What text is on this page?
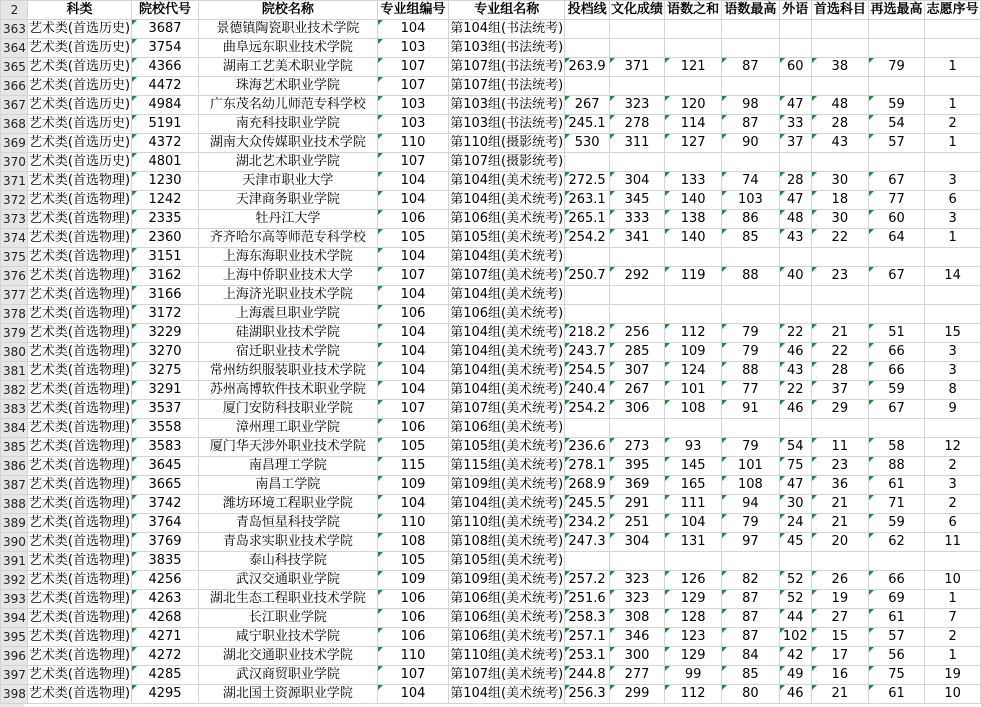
2	科类	院校代号	院校名称	专业组编号	专业组名称	投档线	文化成绩	语数之和	语数最高	外语	首选科目	再选最高	志愿序号
363	艺术类(首选历史)	3687	景德镇陶瓷职业技术学院	104	第104组(书法统考)								
364	艺术类(首选历史)	3754	曲阜远东职业技术学院	103	第103组(书法统考)								
365	艺术类(首选历史)	4366	湖南工艺美术职业学院	107	第107组(书法统考)	263.9	371	121	87	60	38	79	1
366	艺术类(首选历史)	4472	珠海艺术职业学院	107	第107组(书法统考)								
367	艺术类(首选历史)	4984	广东茂名幼儿师范专科学校	103	第103组(书法统考)	267	323	120	98	47	48	59	1
368	艺术类(首选历史)	5191	南充科技职业学院	103	第103组(书法统考)	245.1	278	114	87	33	28	54	2
369	艺术类(首选历史)	4372	湖南大众传媒职业技术学院	110	第110组(摄影统考)	530	311	127	90	37	43	57	1
370	艺术类(首选历史)	4801	湖北艺术职业学院	107	第107组(摄影统考)								
371	艺术类(首选物理)	1230	天津市职业大学	104	第104组(美术统考)	272.5	304	133	74	28	30	67	3
372	艺术类(首选物理)	1242	天津商务职业学院	104	第104组(美术统考)	263.1	345	140	103	47	18	77	6
373	艺术类(首选物理)	2335	牡丹江大学	106	第106组(美术统考)	265.1	333	138	86	48	30	60	3
374	艺术类(首选物理)	2360	齐齐哈尔高等师范专科学校	105	第105组(美术统考)	254.2	341	140	85	43	22	64	1
375	艺术类(首选物理)	3151	上海东海职业技术学院	104	第104组(美术统考)								
376	艺术类(首选物理)	3162	上海中侨职业技术大学	107	第107组(美术统考)	250.7	292	119	88	40	23	67	14
377	艺术类(首选物理)	3166	上海济光职业技术学院	104	第104组(美术统考)								
378	艺术类(首选物理)	3172	上海震旦职业学院	106	第106组(美术统考)								
379	艺术类(首选物理)	3229	硅湖职业技术学院	104	第104组(美术统考)	218.2	256	112	79	22	21	51	15
380	艺术类(首选物理)	3270	宿迁职业技术学院	104	第104组(美术统考)	243.7	285	109	79	46	22	66	3
381	艺术类(首选物理)	3275	常州纺织服装职业技术学院	104	第104组(美术统考)	254.5	307	124	88	43	28	66	3
382	艺术类(首选物理)	3291	苏州高博软件技术职业学院	104	第104组(美术统考)	240.4	267	101	77	22	37	59	8
383	艺术类(首选物理)	3537	厦门安防科技职业学院	107	第107组(美术统考)	254.2	306	108	91	46	29	67	9
384	艺术类(首选物理)	3558	漳州理工职业学院	106	第106组(美术统考)								
385	艺术类(首选物理)	3583	厦门华天涉外职业技术学院	105	第105组(美术统考)	236.6	273	93	79	54	11	58	12
386	艺术类(首选物理)	3645	南昌理工学院	115	第115组(美术统考)	278.1	395	145	101	75	23	88	2
387	艺术类(首选物理)	3665	南昌工学院	109	第109组(美术统考)	268.9	369	165	108	47	36	61	3
388	艺术类(首选物理)	3742	潍坊环境工程职业学院	104	第104组(美术统考)	245.5	291	111	94	30	21	71	2
389	艺术类(首选物理)	3764	青岛恒星科技学院	110	第110组(美术统考)	234.2	251	104	79	24	21	59	6
390	艺术类(首选物理)	3769	青岛求实职业技术学院	108	第108组(美术统考)	247.3	304	131	97	45	20	62	11
391	艺术类(首选物理)	3835	泰山科技学院	105	第105组(美术统考)								
392	艺术类(首选物理)	4256	武汉交通职业学院	109	第109组(美术统考)	257.2	323	126	82	52	26	66	10
393	艺术类(首选物理)	4263	湖北生态工程职业技术学院	106	第106组(美术统考)	251.6	323	129	87	52	19	69	1
394	艺术类(首选物理)	4268	长江职业学院	106	第106组(美术统考)	258.3	308	128	87	44	27	61	7
395	艺术类(首选物理)	4271	咸宁职业技术学院	106	第106组(美术统考)	257.1	346	123	87	102	15	57	2
396	艺术类(首选物理)	4272	湖北交通职业技术学院	110	第110组(美术统考)	253.1	300	129	84	42	17	56	1
397	艺术类(首选物理)	4285	武汉商贸职业学院	107	第107组(美术统考)	244.8	277	99	85	49	16	75	19
398	艺术类(首选物理)	4295	湖北国土资源职业学院	104	第104组(美术统考)	256.3	299	112	80	46	21	61	10
